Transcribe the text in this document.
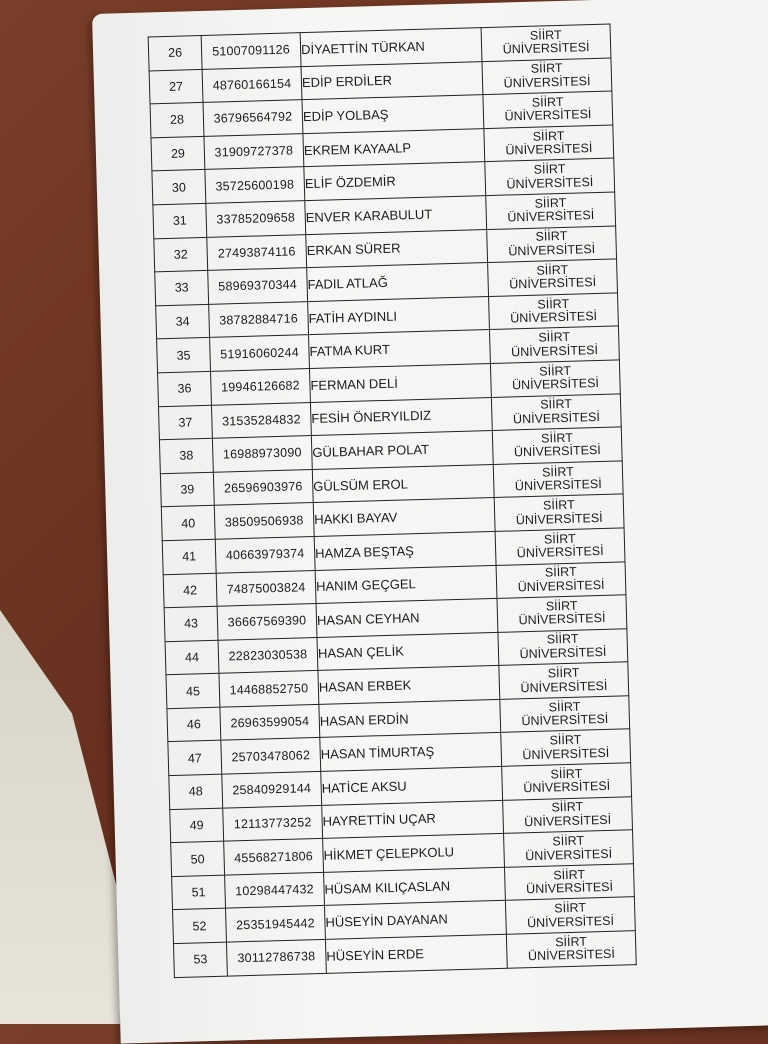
26	51007091126	DİYAETTİN TÜRKAN	SİİRT
ÜNİVERSİTESİ

27	48760166154	EDİP ERDİLER	SİİRT
ÜNİVERSİTESİ

28	36796564792	EDİP YOLBAŞ	SİİRT
ÜNİVERSİTESİ

29	31909727378	EKREM KAYAALP	SİİRT
ÜNİVERSİTESİ

30	35725600198	ELİF ÖZDEMİR	SİİRT
ÜNİVERSİTESİ

31	33785209658	ENVER KARABULUT	SİİRT
ÜNİVERSİTESİ

32	27493874116	ERKAN SÜRER	SİİRT
ÜNİVERSİTESİ

33	58969370344	FADIL ATLAĞ	SİİRT
ÜNİVERSİTESİ

34	38782884716	FATİH AYDINLI	SİİRT
ÜNİVERSİTESİ

35	51916060244	FATMA KURT	SİİRT
ÜNİVERSİTESİ

36	19946126682	FERMAN DELİ	SİİRT
ÜNİVERSİTESİ

37	31535284832	FESİH ÖNERYILDIZ	SİİRT
ÜNİVERSİTESİ

38	16988973090	GÜLBAHAR POLAT	SİİRT
ÜNİVERSİTESİ

39	26596903976	GÜLSÜM EROL	SİİRT
ÜNİVERSİTESİ

40	38509506938	HAKKI BAYAV	SİİRT
ÜNİVERSİTESİ

41	40663979374	HAMZA BEŞTAŞ	SİİRT
ÜNİVERSİTESİ

42	74875003824	HANIM GEÇGEL	SİİRT
ÜNİVERSİTESİ

43	36667569390	HASAN CEYHAN	SİİRT
ÜNİVERSİTESİ

44	22823030538	HASAN ÇELİK	SİİRT
ÜNİVERSİTESİ

45	14468852750	HASAN ERBEK	SİİRT
ÜNİVERSİTESİ

46	26963599054	HASAN ERDİN	SİİRT
ÜNİVERSİTESİ

47	25703478062	HASAN TİMURTAŞ	SİİRT
ÜNİVERSİTESİ

48	25840929144	HATİCE AKSU	SİİRT
ÜNİVERSİTESİ

49	12113773252	HAYRETTİN UÇAR	SİİRT
ÜNİVERSİTESİ

50	45568271806	HİKMET ÇELEPKOLU	SİİRT
ÜNİVERSİTESİ

51	10298447432	HÜSAM KILIÇASLAN	SİİRT
ÜNİVERSİTESİ

52	25351945442	HÜSEYİN DAYANAN	SİİRT
ÜNİVERSİTESİ

53	30112786738	HÜSEYİN ERDE	SİİRT
ÜNİVERSİTESİ
